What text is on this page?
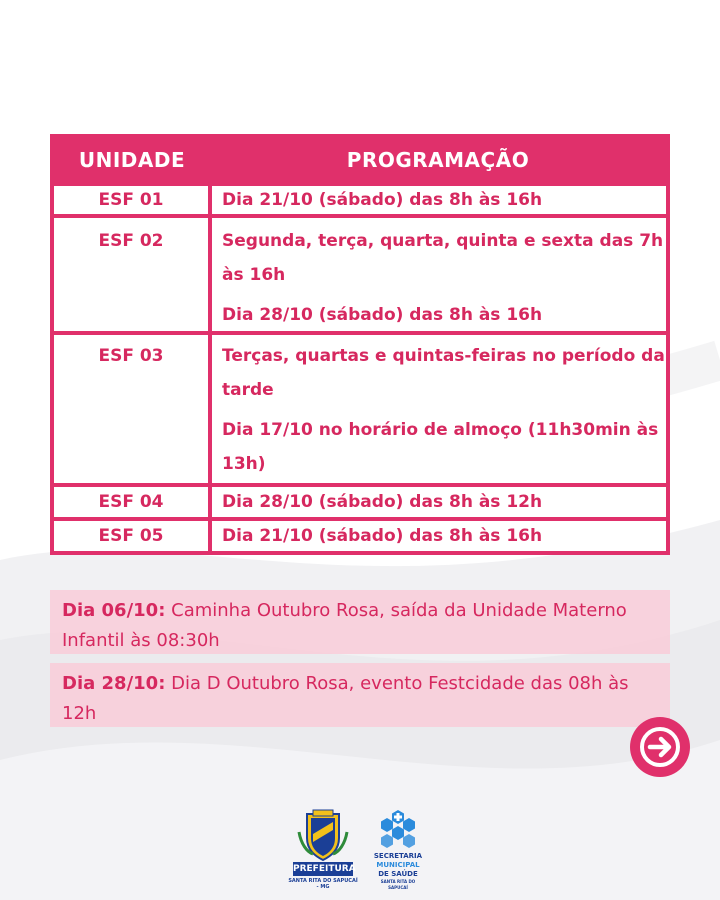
UNIDADE	PROGRAMAÇÃO
ESF 01	Dia 21/10 (sábado) das 8h às 16h
ESF 02	Segunda, terça, quarta, quinta e sexta das 7h às 16h
Dia 28/10 (sábado) das 8h às 16h
ESF 03	Terças, quartas e quintas-feiras no período da tarde
Dia 17/10 no horário de almoço (11h30min às 13h)
ESF 04	Dia 28/10 (sábado) das 8h às 12h
ESF 05	Dia 21/10 (sábado) das 8h às 16h
Dia 06/10: Caminha Outubro Rosa, saída da Unidade Materno Infantil às 08:30h
Dia 28/10: Dia D Outubro Rosa, evento Festcidade das 08h às 12h
PREFEITURA
SANTA RITA DO SAPUCAÍ - MG
SECRETARIA
MUNICIPAL
DE SAÚDE
SANTA RITA DO SAPUCAÍ
